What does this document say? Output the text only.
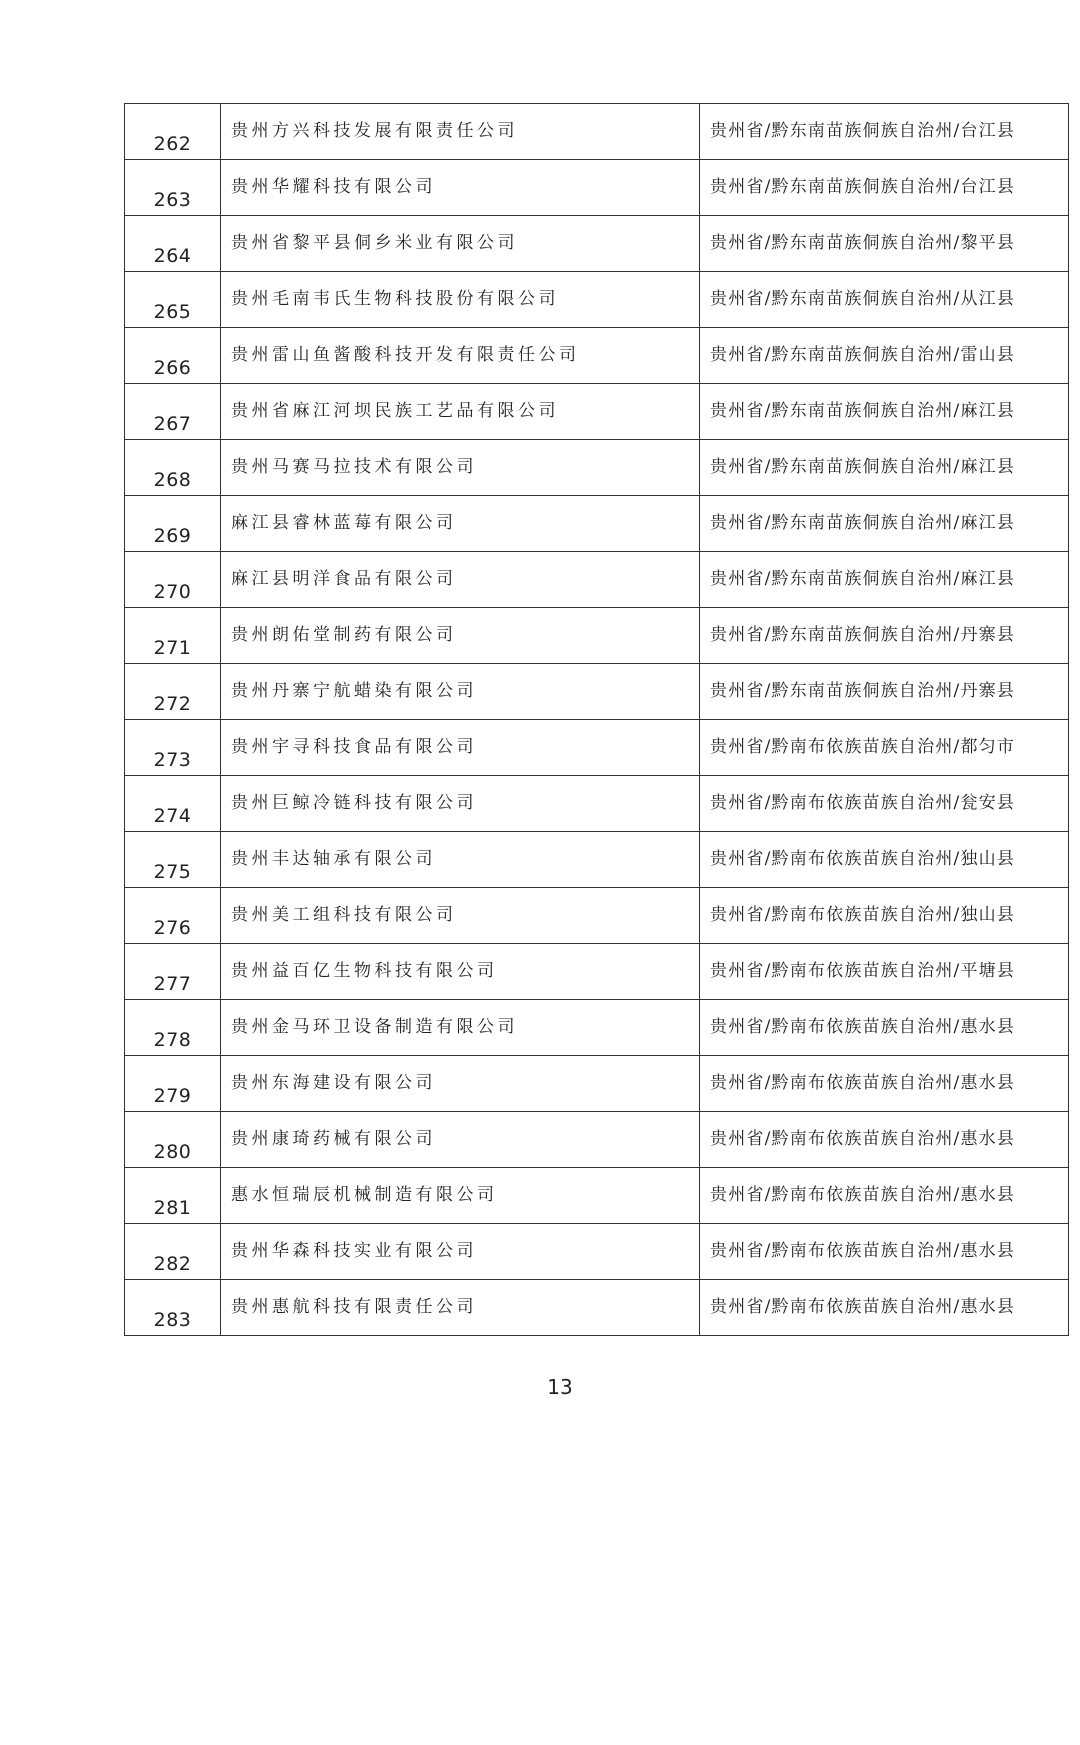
262	贵州方兴科技发展有限责任公司	贵州省/黔东南苗族侗族自治州/台江县
263	贵州华耀科技有限公司	贵州省/黔东南苗族侗族自治州/台江县
264	贵州省黎平县侗乡米业有限公司	贵州省/黔东南苗族侗族自治州/黎平县
265	贵州毛南韦氏生物科技股份有限公司	贵州省/黔东南苗族侗族自治州/从江县
266	贵州雷山鱼酱酸科技开发有限责任公司	贵州省/黔东南苗族侗族自治州/雷山县
267	贵州省麻江河坝民族工艺品有限公司	贵州省/黔东南苗族侗族自治州/麻江县
268	贵州马赛马拉技术有限公司	贵州省/黔东南苗族侗族自治州/麻江县
269	麻江县睿林蓝莓有限公司	贵州省/黔东南苗族侗族自治州/麻江县
270	麻江县明洋食品有限公司	贵州省/黔东南苗族侗族自治州/麻江县
271	贵州朗佑堂制药有限公司	贵州省/黔东南苗族侗族自治州/丹寨县
272	贵州丹寨宁航蜡染有限公司	贵州省/黔东南苗族侗族自治州/丹寨县
273	贵州宇寻科技食品有限公司	贵州省/黔南布依族苗族自治州/都匀市
274	贵州巨鲸冷链科技有限公司	贵州省/黔南布依族苗族自治州/瓮安县
275	贵州丰达轴承有限公司	贵州省/黔南布依族苗族自治州/独山县
276	贵州美工组科技有限公司	贵州省/黔南布依族苗族自治州/独山县
277	贵州益百亿生物科技有限公司	贵州省/黔南布依族苗族自治州/平塘县
278	贵州金马环卫设备制造有限公司	贵州省/黔南布依族苗族自治州/惠水县
279	贵州东海建设有限公司	贵州省/黔南布依族苗族自治州/惠水县
280	贵州康琦药械有限公司	贵州省/黔南布依族苗族自治州/惠水县
281	惠水恒瑞辰机械制造有限公司	贵州省/黔南布依族苗族自治州/惠水县
282	贵州华森科技实业有限公司	贵州省/黔南布依族苗族自治州/惠水县
283	贵州惠航科技有限责任公司	贵州省/黔南布依族苗族自治州/惠水县
13
